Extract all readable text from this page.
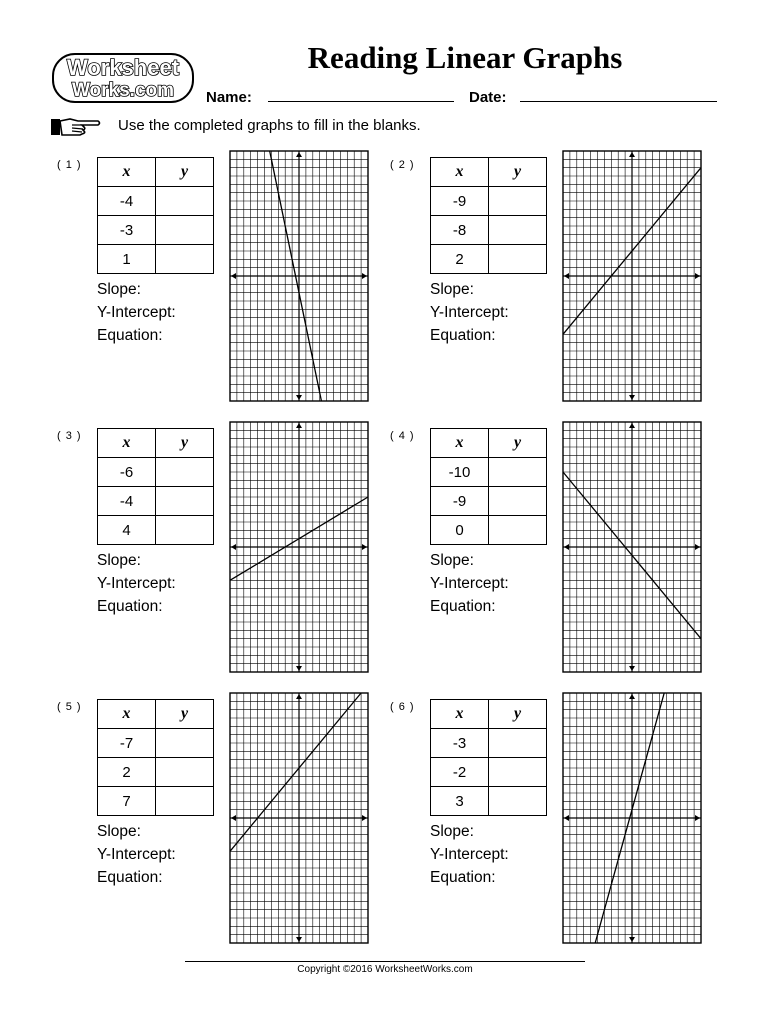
Worksheet
Works.com
Reading Linear Graphs
Name:	Date:
Use the completed graphs to fill in the blanks.
( 1 )	x	y
-4	
-3	
1	
Slope:
Y-Intercept:
Equation:
( 2 )	x	y
-9	
-8	
2	
Slope:
Y-Intercept:
Equation:
( 3 )	x	y
-6	
-4	
4	
Slope:
Y-Intercept:
Equation:
( 4 )	x	y
-10	
-9	
0	
Slope:
Y-Intercept:
Equation:
( 5 )	x	y
-7	
2	
7	
Slope:
Y-Intercept:
Equation:
( 6 )	x	y
-3	
-2	
3	
Slope:
Y-Intercept:
Equation:
Copyright ©2016 WorksheetWorks.com
